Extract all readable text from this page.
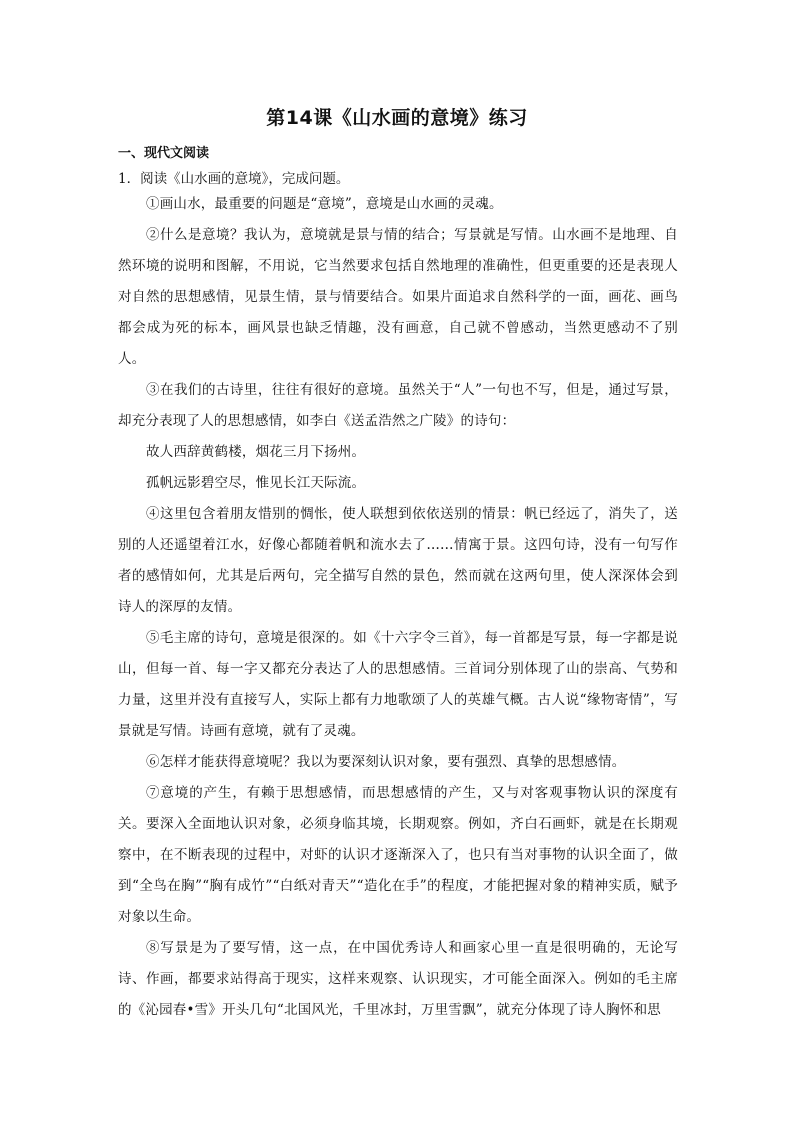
第14课《山水画的意境》练习
一、现代文阅读

1．阅读《山水画的意境》，完成问题。

①画山水，最重要的问题是“意境”，意境是山水画的灵魂。

②什么是意境？我认为，意境就是景与情的结合；写景就是写情。山水画不是地理、自然环境的说明和图解，不用说，它当然要求包括自然地理的准确性，但更重要的还是表现人对自然的思想感情，见景生情，景与情要结合。如果片面追求自然科学的一面，画花、画鸟都会成为死的标本，画风景也缺乏情趣，没有画意，自己就不曾感动，当然更感动不了别人。

③在我们的古诗里，往往有很好的意境。虽然关于“人”一句也不写，但是，通过写景，却充分表现了人的思想感情，如李白《送孟浩然之广陵》的诗句：

故人西辞黄鹤楼，烟花三月下扬州。

孤帆远影碧空尽，惟见长江天际流。

④这里包含着朋友惜别的惆怅，使人联想到依依送别的情景：帆已经远了，消失了，送别的人还遥望着江水，好像心都随着帆和流水去了……情寓于景。这四句诗，没有一句写作者的感情如何，尤其是后两句，完全描写自然的景色，然而就在这两句里，使人深深体会到诗人的深厚的友情。

⑤毛主席的诗句，意境是很深的。如《十六字令三首》，每一首都是写景，每一字都是说山，但每一首、每一字又都充分表达了人的思想感情。三首词分别体现了山的崇高、气势和力量，这里并没有直接写人，实际上都有力地歌颂了人的英雄气概。古人说“缘物寄情”，写景就是写情。诗画有意境，就有了灵魂。

⑥怎样才能获得意境呢？我以为要深刻认识对象，要有强烈、真挚的思想感情。

⑦意境的产生，有赖于思想感情，而思想感情的产生，又与对客观事物认识的深度有关。要深入全面地认识对象，必须身临其境，长期观察。例如，齐白石画虾，就是在长期观察中，在不断表现的过程中，对虾的认识才逐渐深入了，也只有当对事物的认识全面了，做到“全鸟在胸”“胸有成竹”“白纸对青天”“造化在手”的程度，才能把握对象的精神实质，赋予对象以生命。

⑧写景是为了要写情，这一点，在中国优秀诗人和画家心里一直是很明确的，无论写诗、作画，都要求站得高于现实，这样来观察、认识现实，才可能全面深入。例如的毛主席的《沁园春•雪》开头几句“北国风光，千里冰封，万里雪飘”，就充分体现了诗人胸怀和思
